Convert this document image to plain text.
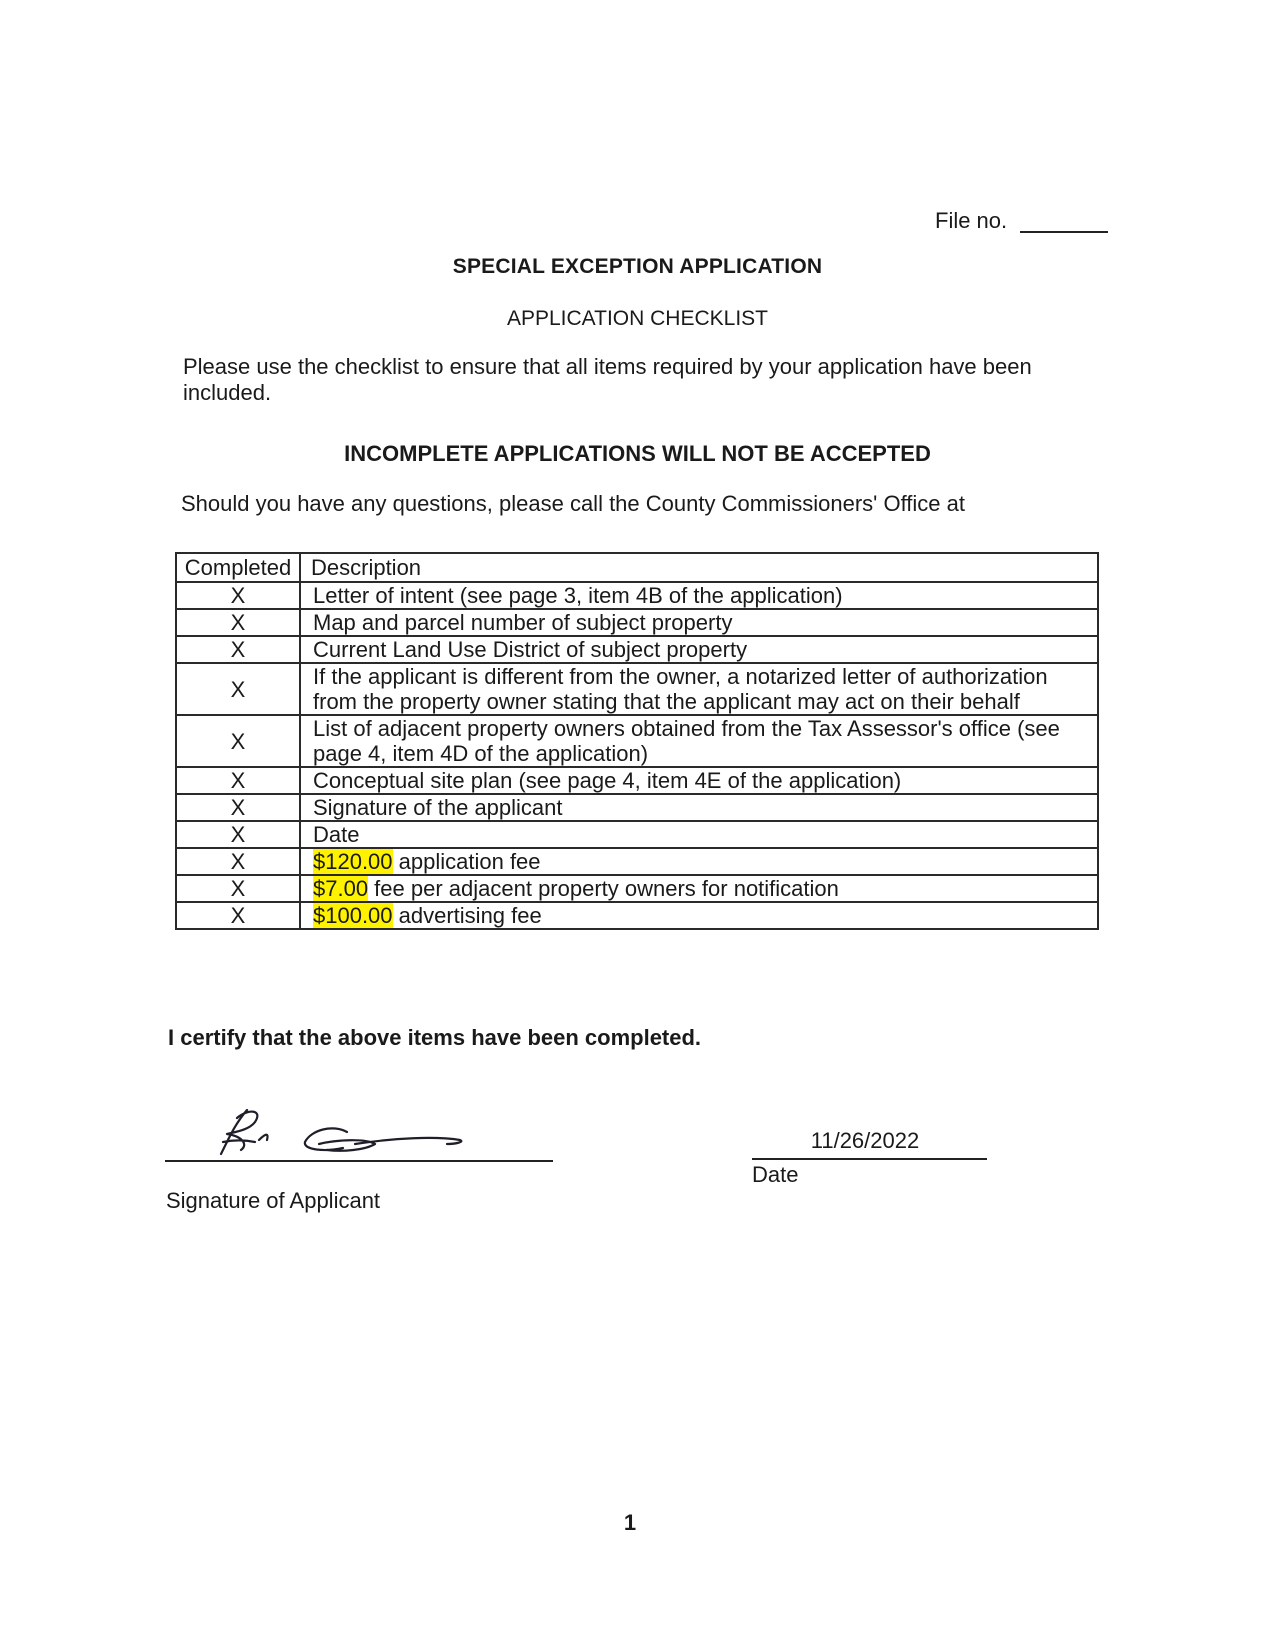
File no.
SPECIAL EXCEPTION APPLICATION
APPLICATION CHECKLIST
Please use the checklist to ensure that all items required by your application have been included.
INCOMPLETE APPLICATIONS WILL NOT BE ACCEPTED
Should you have any questions, please call the County Commissioners' Office at
Completed	Description
X	Letter of intent (see page 3, item 4B of the application)
X	Map and parcel number of subject property
X	Current Land Use District of subject property
X	If the applicant is different from the owner, a notarized letter of authorization from the property owner stating that the applicant may act on their behalf
X	List of adjacent property owners obtained from the Tax Assessor's office (see page 4, item 4D of the application)
X	Conceptual site plan (see page 4, item 4E of the application)
X	Signature of the applicant
X	Date
X	$120.00 application fee
X	$7.00 fee per adjacent property owners for notification
X	$100.00 advertising fee
I certify that the above items have been completed.
Signature of Applicant
11/26/2022
Date
1
